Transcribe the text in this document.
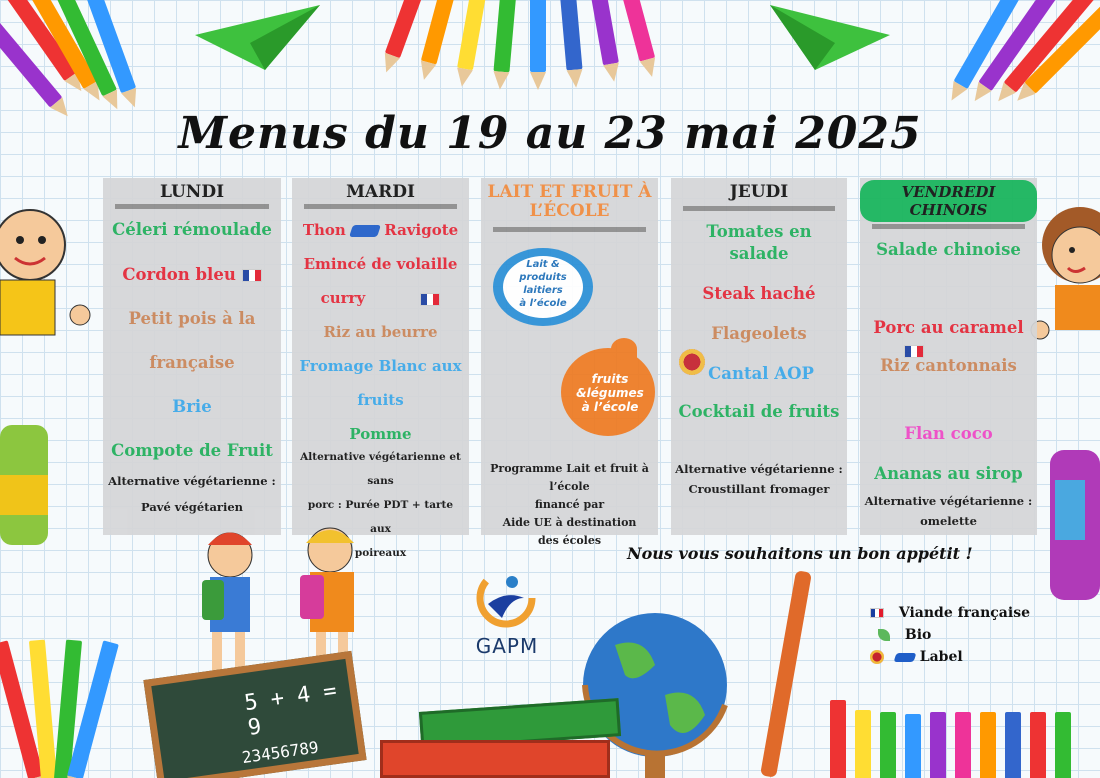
Menus du 19 au 23 mai 2025
LUNDI
Céleri rémoulade
Cordon bleu
Petit pois à la
française
Brie
Compote de Fruit
Alternative végétarienne :
Pavé végétarien
MARDI
Thon	Ravigote
Emincé de volaille
curry
Riz au beurre
Fromage Blanc aux
fruits
Pomme
Alternative végétarienne et sans
porc : Purée PDT + tarte aux
poireaux
LAIT ET FRUIT À
L’ÉCOLE
Lait &
produits
laitiers
à l’école
fruits
&légumes
à l’école
Programme Lait et fruit à l’école
financé par
Aide UE à destination
des écoles
JEUDI
Tomates en salade
Steak haché
Flageolets
Cantal AOP
Cocktail de fruits
Alternative végétarienne :
Croustillant fromager
VENDREDI CHINOIS
Salade chinoise
Porc au caramel
Riz cantonnais
Flan coco
Ananas au sirop
Alternative végétarienne :
omelette
Nous vous souhaitons un bon appétit !
Viande française
Bio
Label
GAPM
5 + 4 = 9
23456789
